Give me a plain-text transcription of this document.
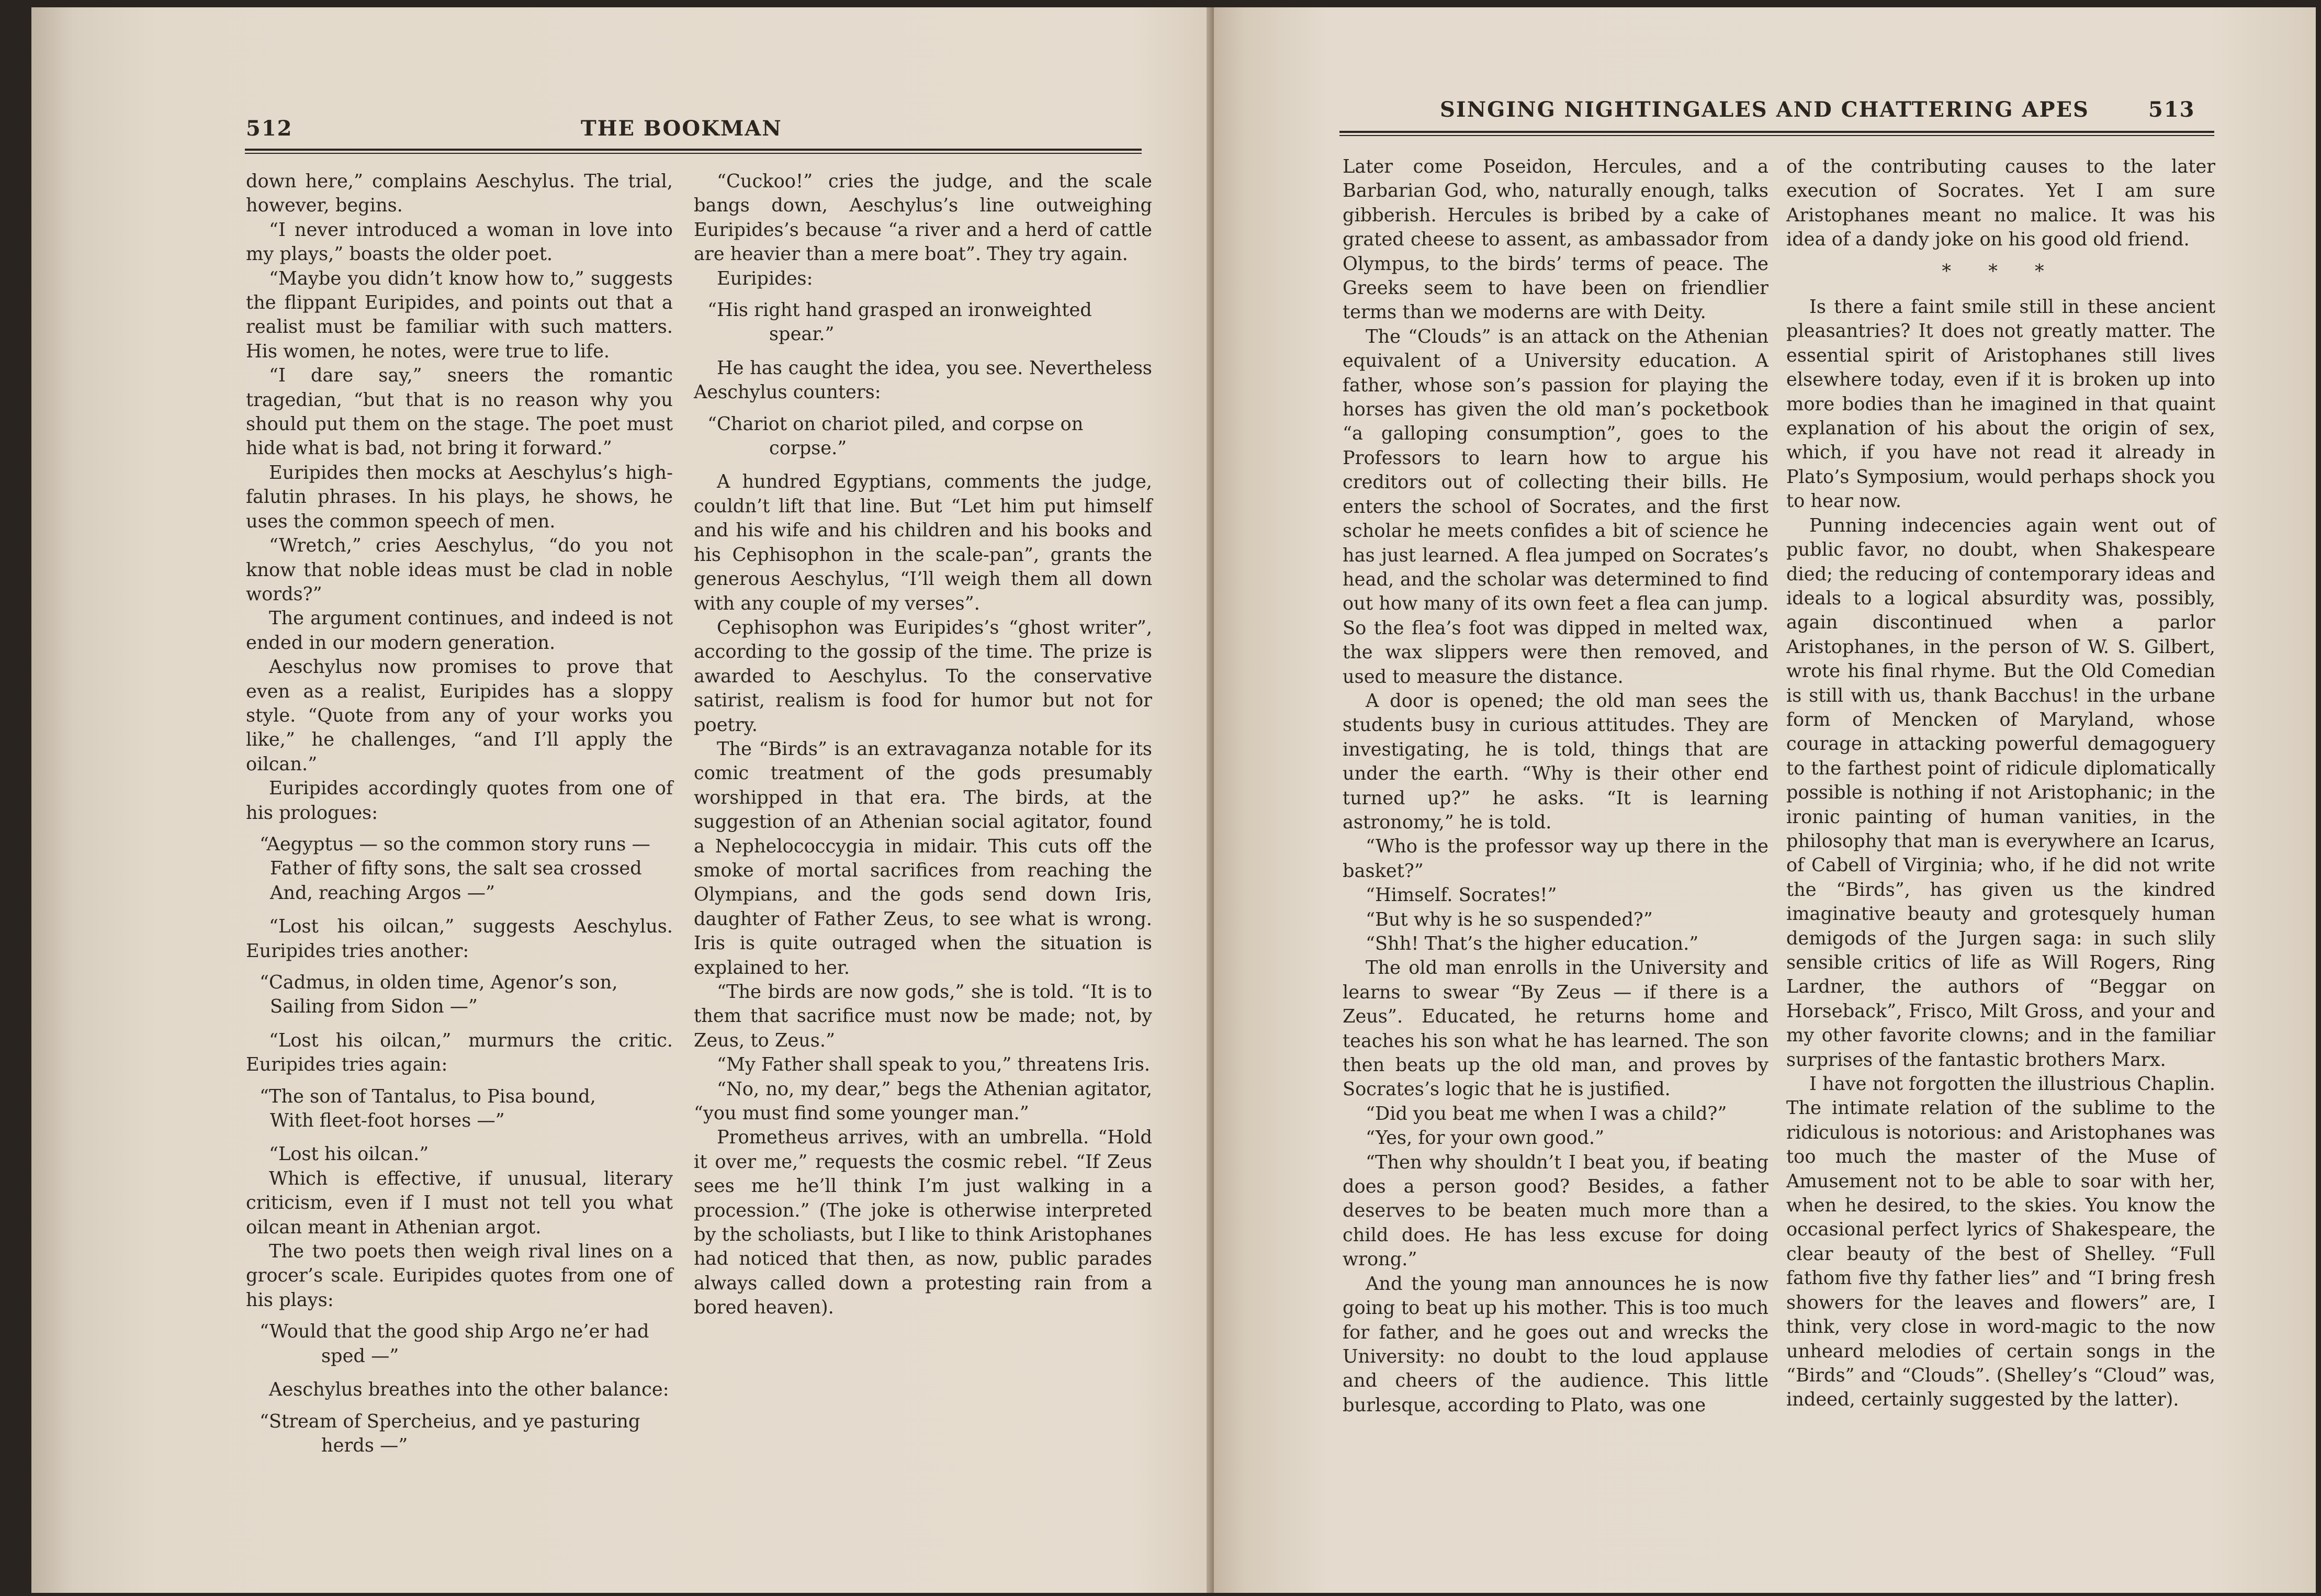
512	THE BOOKMAN

down here,” complains Aeschylus. The trial, however, begins.

“I never introduced a woman in love into my plays,” boasts the older poet.

“Maybe you didn’t know how to,” suggests the flippant Euripides, and points out that a realist must be familiar with such matters. His women, he notes, were true to life.

“I dare say,” sneers the romantic tragedian, “but that is no reason why you should put them on the stage. The poet must hide what is bad, not bring it forward.”

Euripides then mocks at Aeschylus’s high-falutin phrases. In his plays, he shows, he uses the common speech of men.

“Wretch,” cries Aeschylus, “do you not know that noble ideas must be clad in noble words?”

The argument continues, and indeed is not ended in our modern generation.

Aeschylus now promises to prove that even as a realist, Euripides has a sloppy style. “Quote from any of your works you like,” he challenges, “and I’ll apply the oilcan.”

Euripides accordingly quotes from one of his prologues:

“Aegyptus — so the common story runs —
Father of fifty sons, the salt sea crossed
And, reaching Argos —”

“Lost his oilcan,” suggests Aeschylus. Euripides tries another:

“Cadmus, in olden time, Agenor’s son,
Sailing from Sidon —”

“Lost his oilcan,” murmurs the critic. Euripides tries again:

“The son of Tantalus, to Pisa bound,
With fleet-foot horses —”

“Lost his oilcan.”

Which is effective, if unusual, literary criticism, even if I must not tell you what oilcan meant in Athenian argot.

The two poets then weigh rival lines on a grocer’s scale. Euripides quotes from one of his plays:

“Would that the good ship Argo ne’er had
sped —”

Aeschylus breathes into the other balance:

“Stream of Spercheius, and ye pasturing
herds —”

“Cuckoo!” cries the judge, and the scale bangs down, Aeschylus’s line outweighing Euripides’s because “a river and a herd of cattle are heavier than a mere boat”. They try again.

Euripides:

“His right hand grasped an ironweighted
spear.”

He has caught the idea, you see. Nevertheless Aeschylus counters:

“Chariot on chariot piled, and corpse on
corpse.”

A hundred Egyptians, comments the judge, couldn’t lift that line. But “Let him put himself and his wife and his children and his books and his Cephisophon in the scale-pan”, grants the generous Aeschylus, “I’ll weigh them all down with any couple of my verses”.

Cephisophon was Euripides’s “ghost writer”, according to the gossip of the time. The prize is awarded to Aeschylus. To the conservative satirist, realism is food for humor but not for poetry.

The “Birds” is an extravaganza notable for its comic treatment of the gods presumably worshipped in that era. The birds, at the suggestion of an Athenian social agitator, found a Nephelococcygia in midair. This cuts off the smoke of mortal sacrifices from reaching the Olympians, and the gods send down Iris, daughter of Father Zeus, to see what is wrong. Iris is quite outraged when the situation is explained to her.

“The birds are now gods,” she is told. “It is to them that sacrifice must now be made; not, by Zeus, to Zeus.”

“My Father shall speak to you,” threatens Iris.

“No, no, my dear,” begs the Athenian agitator, “you must find some younger man.”

Prometheus arrives, with an umbrella. “Hold it over me,” requests the cosmic rebel. “If Zeus sees me he’ll think I’m just walking in a procession.” (The joke is otherwise interpreted by the scholiasts, but I like to think Aristophanes had noticed that then, as now, public parades always called down a protesting rain from a bored heaven).

SINGING NIGHTINGALES AND CHATTERING APES	513

Later come Poseidon, Hercules, and a Barbarian God, who, naturally enough, talks gibberish. Hercules is bribed by a cake of grated cheese to assent, as ambassador from Olympus, to the birds’ terms of peace. The Greeks seem to have been on friendlier terms than we moderns are with Deity.

The “Clouds” is an attack on the Athenian equivalent of a University education. A father, whose son’s passion for playing the horses has given the old man’s pocketbook “a galloping consumption”, goes to the Professors to learn how to argue his creditors out of collecting their bills. He enters the school of Socrates, and the first scholar he meets confides a bit of science he has just learned. A flea jumped on Socrates’s head, and the scholar was determined to find out how many of its own feet a flea can jump. So the flea’s foot was dipped in melted wax, the wax slippers were then removed, and used to measure the distance.

A door is opened; the old man sees the students busy in curious attitudes. They are investigating, he is told, things that are under the earth. “Why is their other end turned up?” he asks. “It is learning astronomy,” he is told.

“Who is the professor way up there in the basket?”

“Himself. Socrates!”

“But why is he so suspended?”

“Shh! That’s the higher education.”

The old man enrolls in the University and learns to swear “By Zeus — if there is a Zeus”. Educated, he returns home and teaches his son what he has learned. The son then beats up the old man, and proves by Socrates’s logic that he is justified.

“Did you beat me when I was a child?”

“Yes, for your own good.”

“Then why shouldn’t I beat you, if beating does a person good? Besides, a father deserves to be beaten much more than a child does. He has less excuse for doing wrong.”

And the young man announces he is now going to beat up his mother. This is too much for father, and he goes out and wrecks the University: no doubt to the loud applause and cheers of the audience. This little burlesque, according to Plato, was one

of the contributing causes to the later execution of Socrates. Yet I am sure Aristophanes meant no malice. It was his idea of a dandy joke on his good old friend.

* * *

Is there a faint smile still in these ancient pleasantries? It does not greatly matter. The essential spirit of Aristophanes still lives elsewhere today, even if it is broken up into more bodies than he imagined in that quaint explanation of his about the origin of sex, which, if you have not read it already in Plato’s Symposium, would perhaps shock you to hear now.

Punning indecencies again went out of public favor, no doubt, when Shakespeare died; the reducing of contemporary ideas and ideals to a logical absurdity was, possibly, again discontinued when a parlor Aristophanes, in the person of W. S. Gilbert, wrote his final rhyme. But the Old Comedian is still with us, thank Bacchus! in the urbane form of Mencken of Maryland, whose courage in attacking powerful demagoguery to the farthest point of ridicule diplomatically possible is nothing if not Aristophanic; in the ironic painting of human vanities, in the philosophy that man is everywhere an Icarus, of Cabell of Virginia; who, if he did not write the “Birds”, has given us the kindred imaginative beauty and grotesquely human demigods of the Jurgen saga: in such slily sensible critics of life as Will Rogers, Ring Lardner, the authors of “Beggar on Horseback”, Frisco, Milt Gross, and your and my other favorite clowns; and in the familiar surprises of the fantastic brothers Marx.

I have not forgotten the illustrious Chaplin. The intimate relation of the sublime to the ridiculous is notorious: and Aristophanes was too much the master of the Muse of Amusement not to be able to soar with her, when he desired, to the skies. You know the occasional perfect lyrics of Shakespeare, the clear beauty of the best of Shelley. “Full fathom five thy father lies” and “I bring fresh showers for the leaves and flowers” are, I think, very close in word-magic to the now unheard melodies of certain songs in the “Birds” and “Clouds”. (Shelley’s “Cloud” was, indeed, certainly suggested by the latter).
